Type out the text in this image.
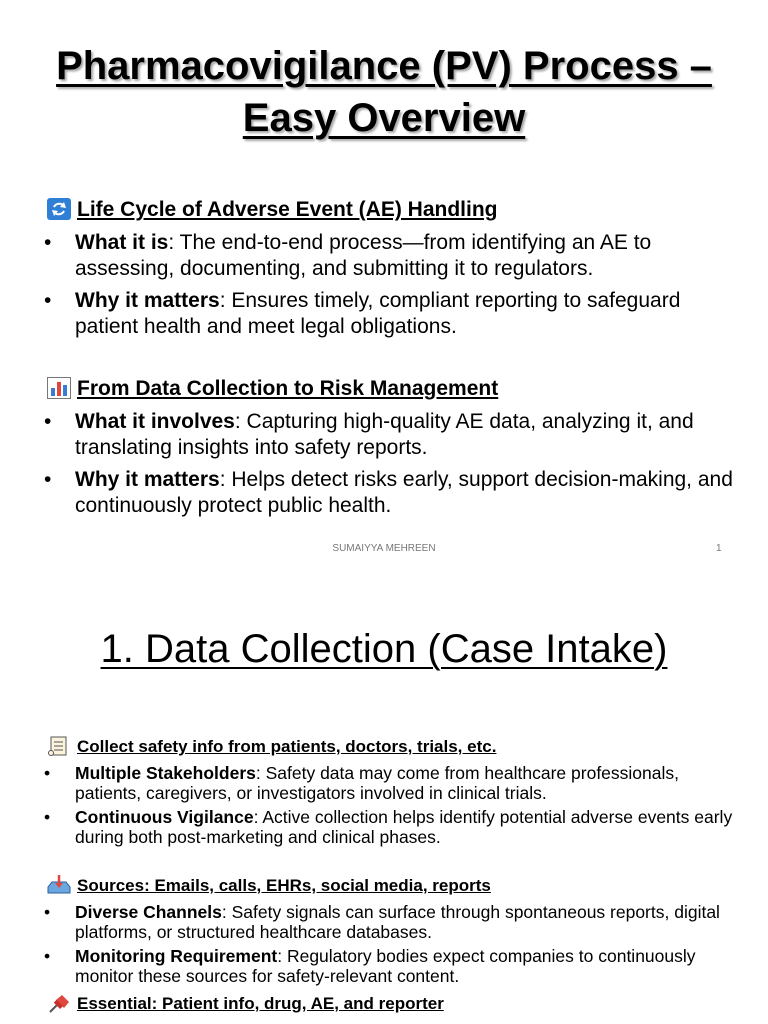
Pharmacovigilance (PV) Process –
Easy Overview
Life Cycle of Adverse Event (AE) Handling
• What it is: The end-to-end process—from identifying an AE to assessing, documenting, and submitting it to regulators.
• Why it matters: Ensures timely, compliant reporting to safeguard patient health and meet legal obligations.
From Data Collection to Risk Management
• What it involves: Capturing high-quality AE data, analyzing it, and translating insights into safety reports.
• Why it matters: Helps detect risks early, support decision-making, and continuously protect public health.
SUMAIYYA MEHREEN	1
1. Data Collection (Case Intake)
Collect safety info from patients, doctors, trials, etc.
• Multiple Stakeholders: Safety data may come from healthcare professionals, patients, caregivers, or investigators involved in clinical trials.
• Continuous Vigilance: Active collection helps identify potential adverse events early during both post-marketing and clinical phases.
Sources: Emails, calls, EHRs, social media, reports
• Diverse Channels: Safety signals can surface through spontaneous reports, digital platforms, or structured healthcare databases.
• Monitoring Requirement: Regulatory bodies expect companies to continuously monitor these sources for safety-relevant content.
Essential: Patient info, drug, AE, and reporter
